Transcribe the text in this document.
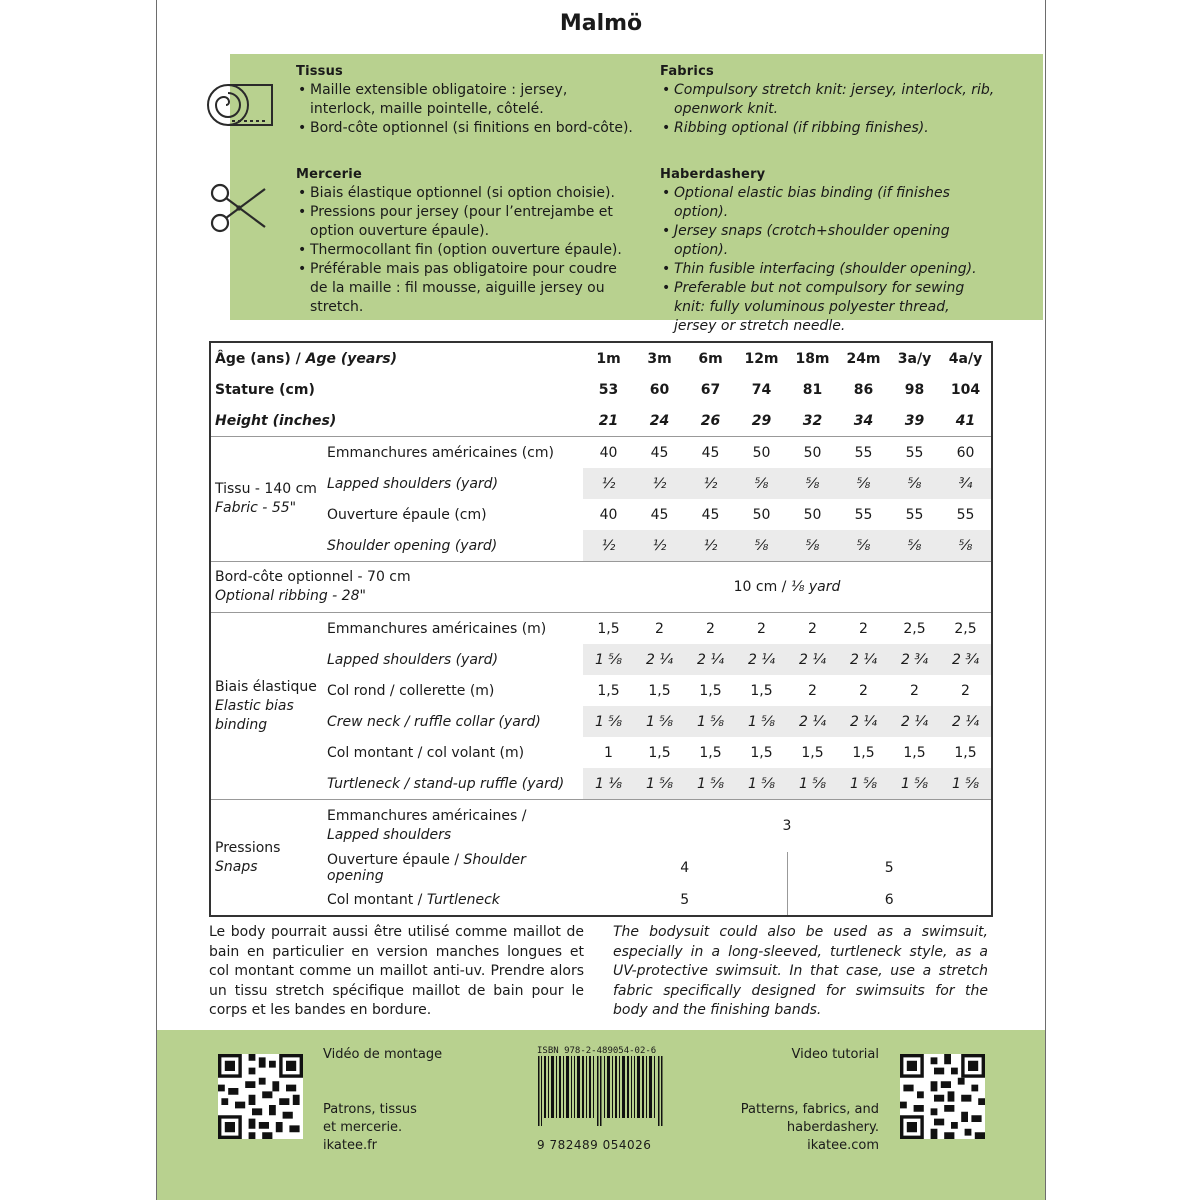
Malmö
Tissus
• Maille extensible obligatoire : jersey, interlock, maille pointelle, côtelé.
• Bord-côte optionnel (si finitions en bord-côte).
Fabrics
• Compulsory stretch knit: jersey, interlock, rib, openwork knit.
• Ribbing optional (if ribbing finishes).
Mercerie
• Biais élastique optionnel (si option choisie).
• Pressions pour jersey (pour l’entrejambe et option ouverture épaule).
• Thermocollant fin (option ouverture épaule).
• Préférable mais pas obligatoire pour coudre de la maille : fil mousse, aiguille jersey ou stretch.
Haberdashery
• Optional elastic bias binding (if finishes option).
• Jersey snaps (crotch+shoulder opening option).
• Thin fusible interfacing (shoulder opening).
• Preferable but not compulsory for sewing knit: fully voluminous polyester thread, jersey or stretch needle.
Âge (ans) / Age (years)		1m	3m	6m	12m	18m	24m	3a/y	4a/y
Stature (cm)		53	60	67	74	81	86	98	104
Height (inches)		21	24	26	29	32	34	39	41
Tissu - 140 cm
Fabric - 55"	Emmanchures américaines (cm)	40	45	45	50	50	55	55	60
	Lapped shoulders (yard)	½	½	½	⅝	⅝	⅝	⅝	¾
	Ouverture épaule (cm)	40	45	45	50	50	55	55	55
	Shoulder opening (yard)	½	½	½	⅝	⅝	⅝	⅝	⅝
Bord-côte optionnel - 70 cm
Optional ribbing - 28"		10 cm / ⅛ yard							
Biais élastique
Elastic bias binding	Emmanchures américaines (m)	1,5	2	2	2	2	2	2,5	2,5
	Lapped shoulders (yard)	1 ⅝	2 ¼	2 ¼	2 ¼	2 ¼	2 ¼	2 ¾	2 ¾
	Col rond / collerette (m)	1,5	1,5	1,5	1,5	2	2	2	2
	Crew neck / ruffle collar (yard)	1 ⅝	1 ⅝	1 ⅝	1 ⅝	2 ¼	2 ¼	2 ¼	2 ¼
	Col montant / col volant (m)	1	1,5	1,5	1,5	1,5	1,5	1,5	1,5
	Turtleneck / stand-up ruffle (yard)	1 ⅛	1 ⅝	1 ⅝	1 ⅝	1 ⅝	1 ⅝	1 ⅝	1 ⅝
Pressions
Snaps	Emmanchures américaines / Lapped shoulders	3							
	Ouverture épaule / Shoulder opening	4				5			
	Col montant / Turtleneck	5				6			
Le body pourrait aussi être utilisé comme maillot de bain en particulier en version manches longues et col montant comme un maillot anti-uv. Prendre alors un tissu stretch spécifique maillot de bain pour le corps et les bandes en bordure.
The bodysuit could also be used as a swimsuit, especially in a long-sleeved, turtleneck style, as a UV-protective swimsuit. In that case, use a stretch fabric specifically designed for swimsuits for the body and the finishing bands.
Vidéo de montage
Patrons, tissus et mercerie.
ikatee.fr
Video tutorial
Patterns, fabrics, and haberdashery.
ikatee.com
ISBN 978-2-489054-02-6
9 782489 054026
